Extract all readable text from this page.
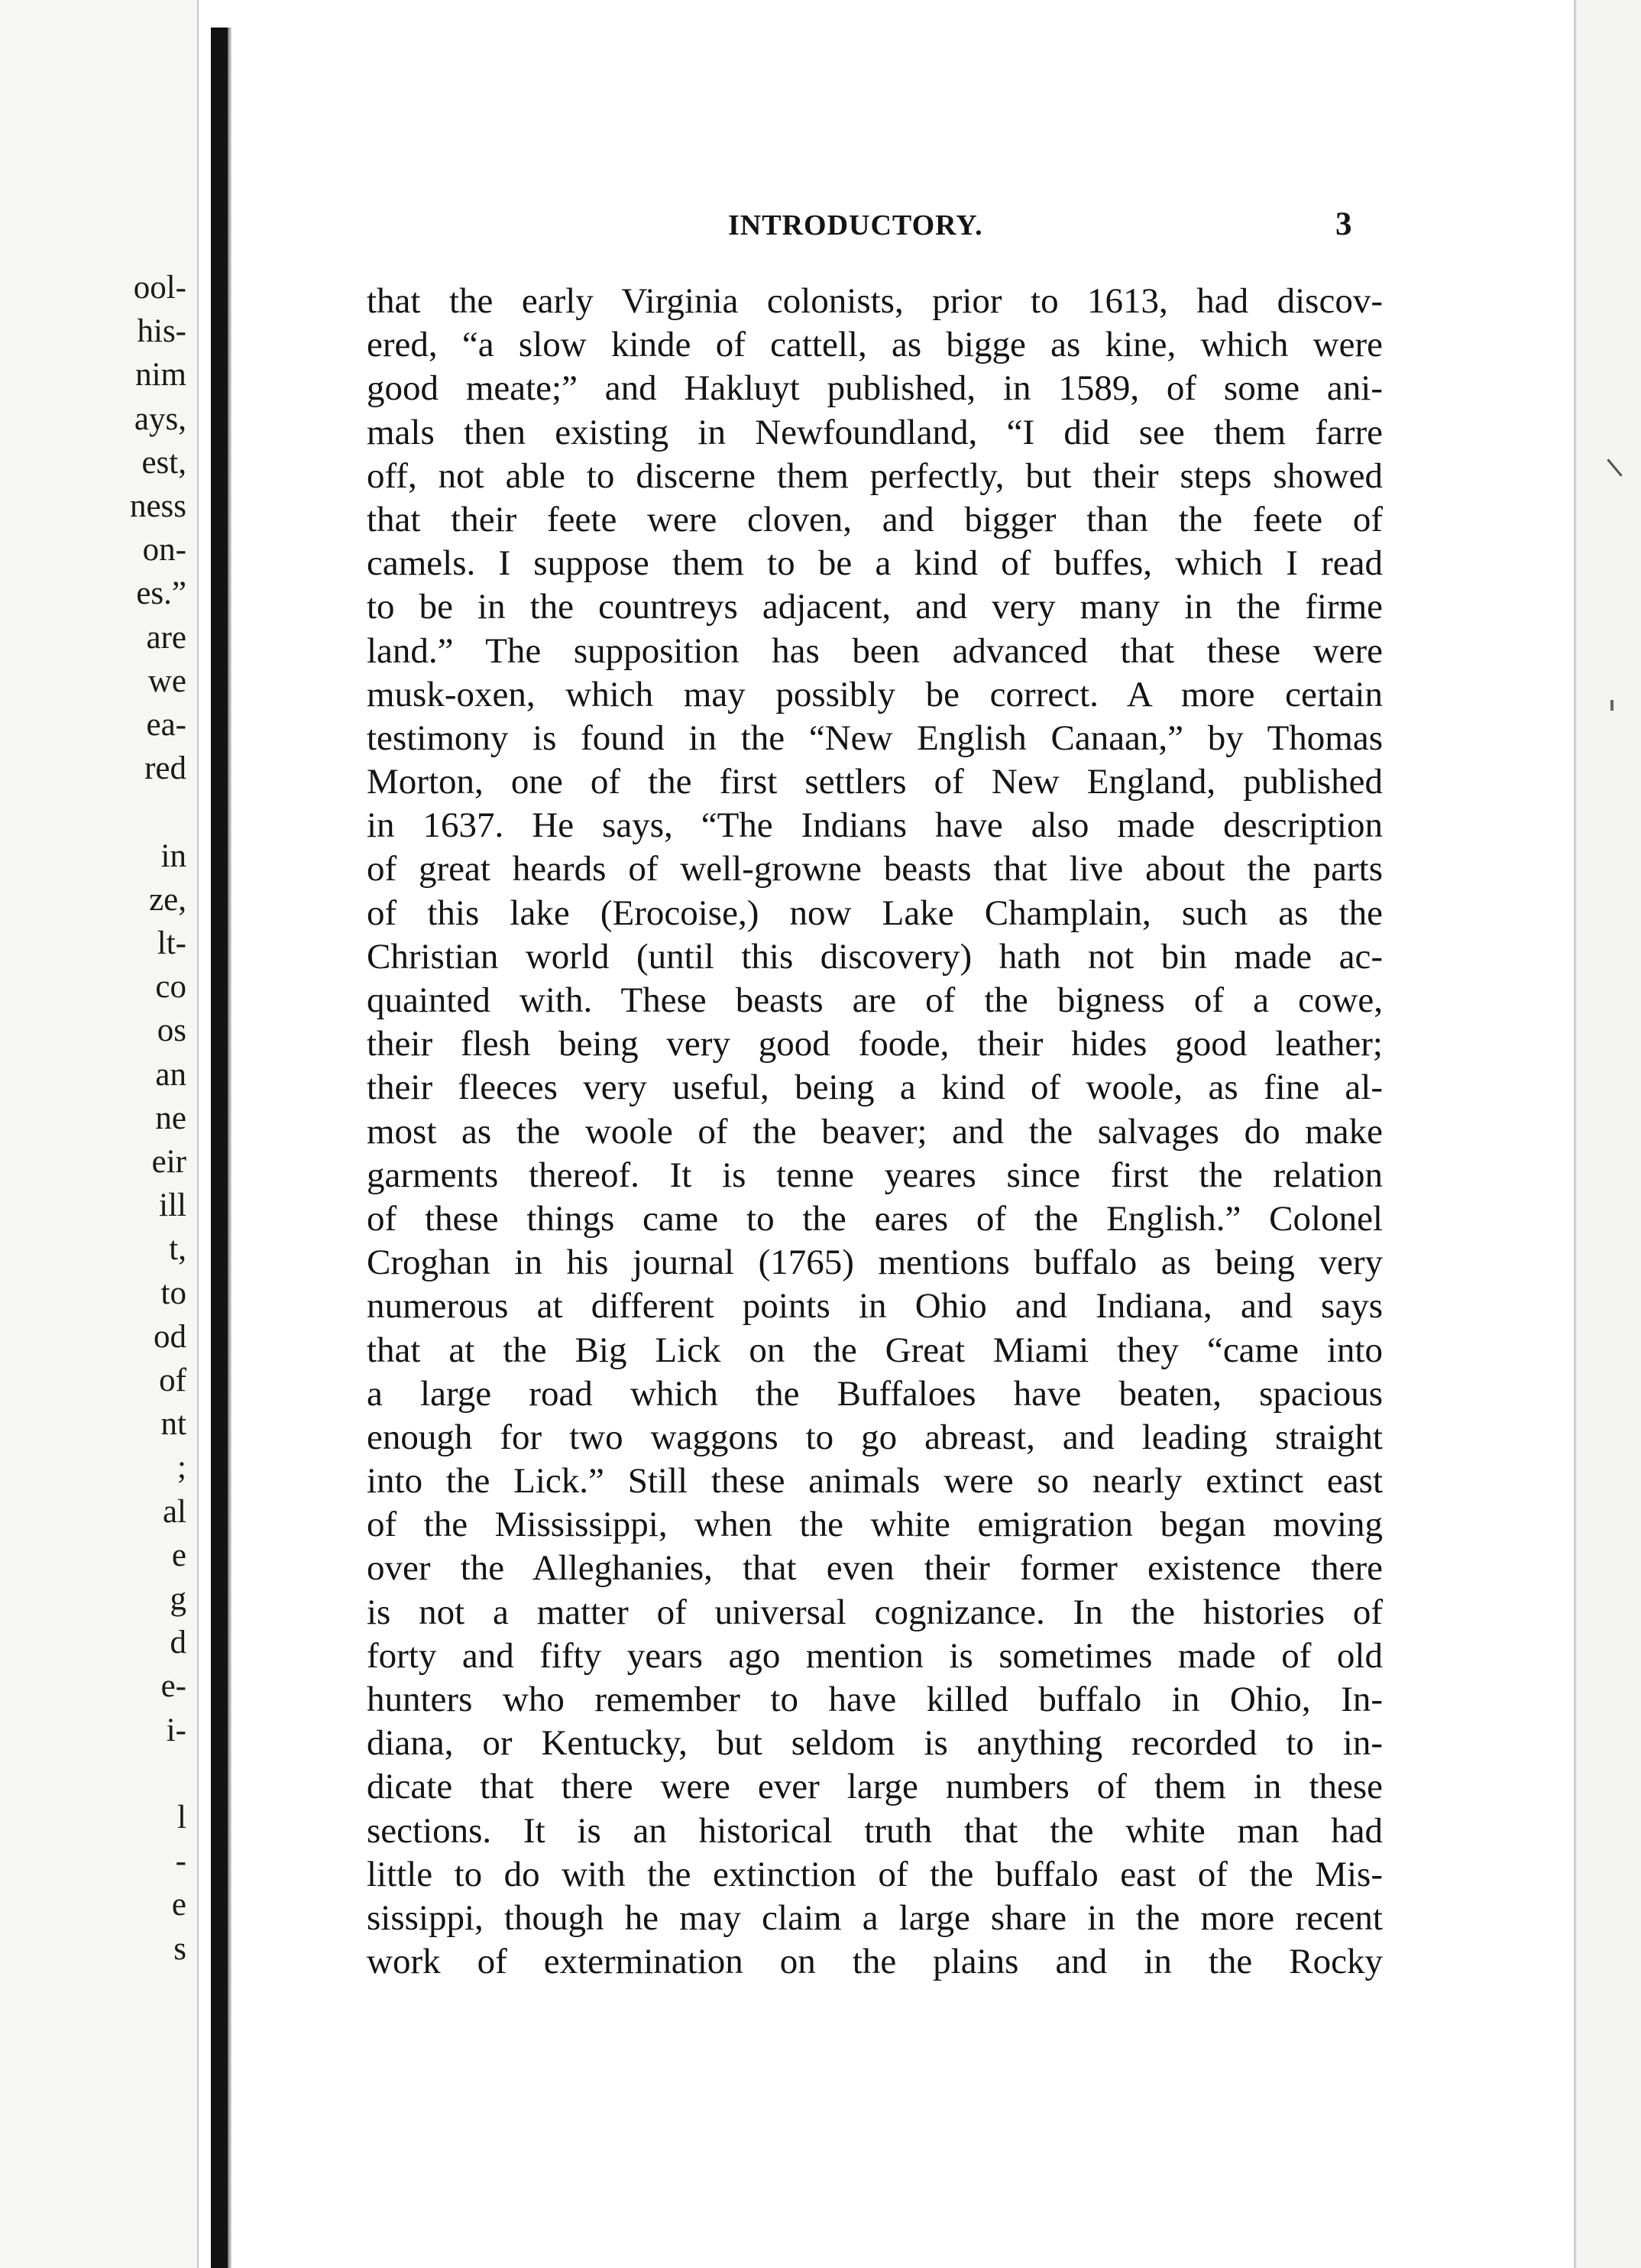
ool-
his-
nim
ays,
est,
ness
on-
es.”
are
we
ea-
red
in
ze,
lt-
co
os
an
ne
eir
ill
t,
to
od
of
nt
;
al
e
g
d
e-
i-
l
-
e
s
INTRODUCTORY.	3
that the early Virginia colonists, prior to 1613, had discov-
ered, “a slow kinde of cattell, as bigge as kine, which were
good meate;” and Hakluyt published, in 1589, of some ani-
mals then existing in Newfoundland, “I did see them farre
off, not able to discerne them perfectly, but their steps showed
that their feete were cloven, and bigger than the feete of
camels. I suppose them to be a kind of buffes, which I read
to be in the countreys adjacent, and very many in the firme
land.” The supposition has been advanced that these were
musk-oxen, which may possibly be correct. A more certain
testimony is found in the “New English Canaan,” by Thomas
Morton, one of the first settlers of New England, published
in 1637. He says, “The Indians have also made description
of great heards of well-growne beasts that live about the parts
of this lake (Erocoise,) now Lake Champlain, such as the
Christian world (until this discovery) hath not bin made ac-
quainted with. These beasts are of the bigness of a cowe,
their flesh being very good foode, their hides good leather;
their fleeces very useful, being a kind of woole, as fine al-
most as the woole of the beaver; and the salvages do make
garments thereof. It is tenne yeares since first the relation
of these things came to the eares of the English.” Colonel
Croghan in his journal (1765) mentions buffalo as being very
numerous at different points in Ohio and Indiana, and says
that at the Big Lick on the Great Miami they “came into
a large road which the Buffaloes have beaten, spacious
enough for two waggons to go abreast, and leading straight
into the Lick.” Still these animals were so nearly extinct east
of the Mississippi, when the white emigration began moving
over the Alleghanies, that even their former existence there
is not a matter of universal cognizance. In the histories of
forty and fifty years ago mention is sometimes made of old
hunters who remember to have killed buffalo in Ohio, In-
diana, or Kentucky, but seldom is anything recorded to in-
dicate that there were ever large numbers of them in these
sections. It is an historical truth that the white man had
little to do with the extinction of the buffalo east of the Mis-
sissippi, though he may claim a large share in the more recent
work of extermination on the plains and in the Rocky
